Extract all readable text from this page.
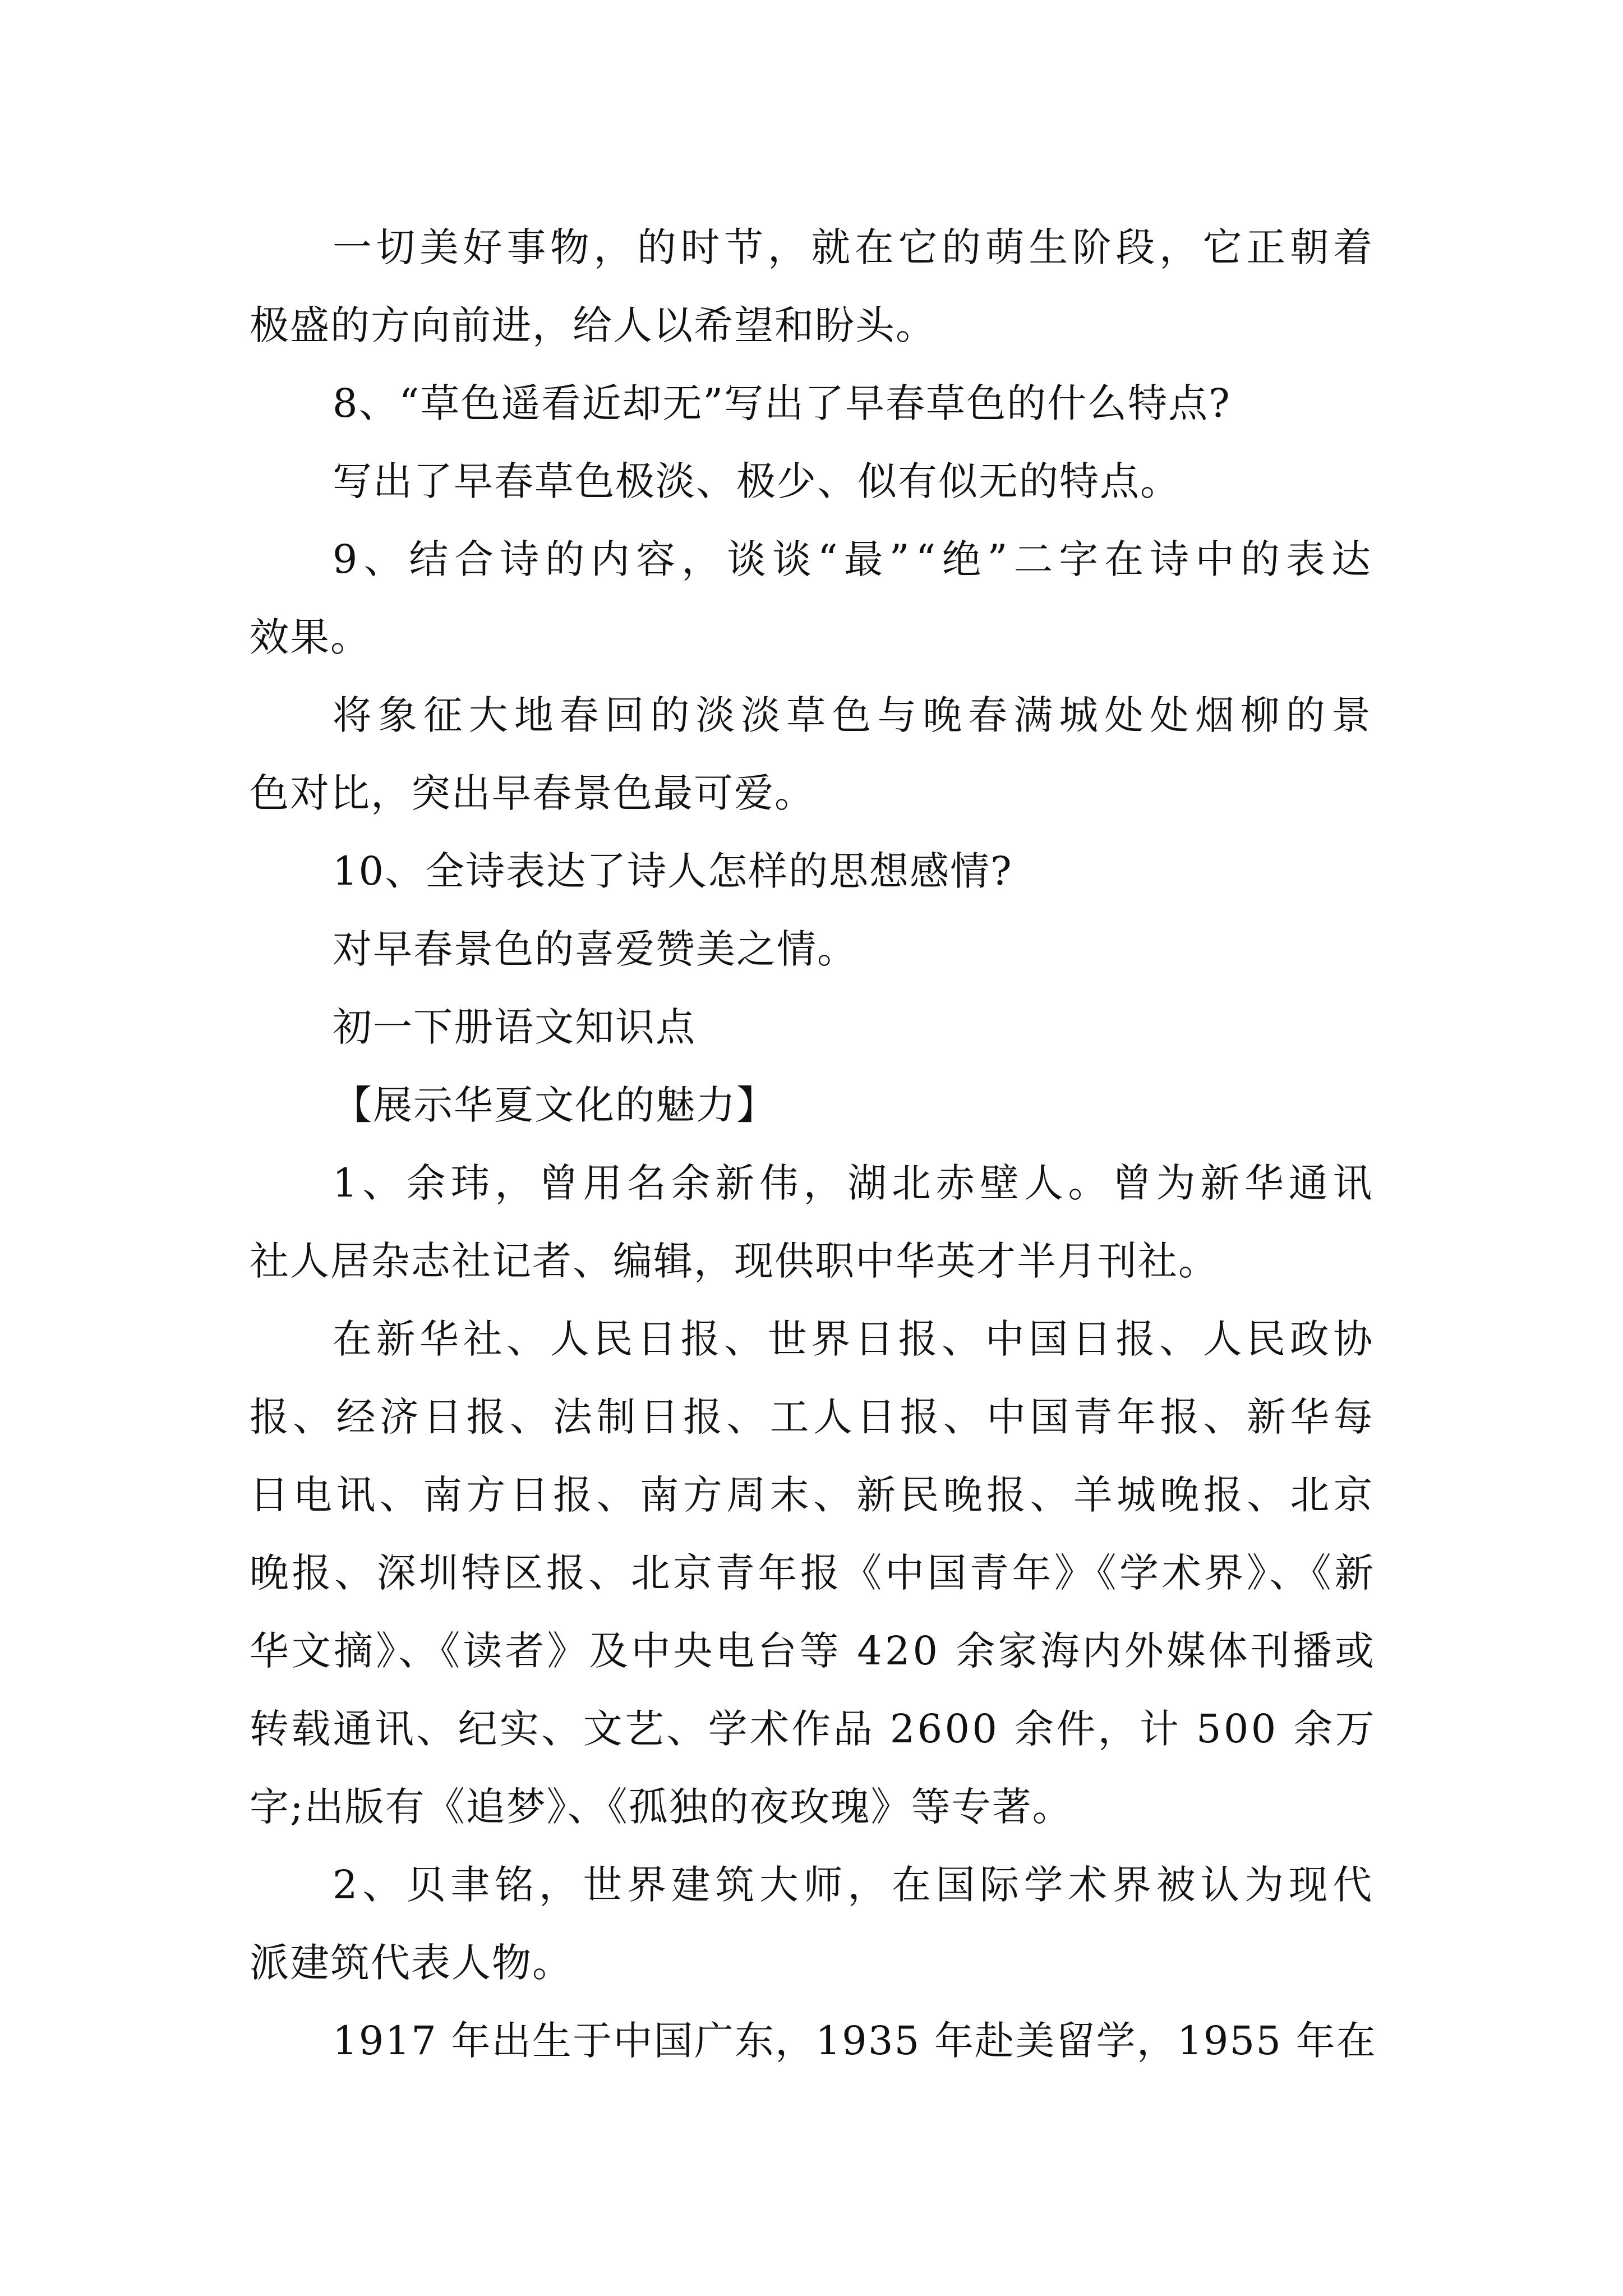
一切美好事物，的时节，就在它的萌生阶段，它正朝着
极盛的方向前进，给人以希望和盼头。
8、“草色遥看近却无”写出了早春草色的什么特点?
写出了早春草色极淡、极少、似有似无的特点。
9、结合诗的内容，谈谈“最”“绝”二字在诗中的表达
效果。
将象征大地春回的淡淡草色与晚春满城处处烟柳的景
色对比，突出早春景色最可爱。
10、全诗表达了诗人怎样的思想感情?
对早春景色的喜爱赞美之情。
初一下册语文知识点
【展示华夏文化的魅力】
1、余玮，曾用名余新伟，湖北赤壁人。曾为新华通讯
社人居杂志社记者、编辑，现供职中华英才半月刊社。
在新华社、人民日报、世界日报、中国日报、人民政协
报、经济日报、法制日报、工人日报、中国青年报、新华每
日电讯、南方日报、南方周末、新民晚报、羊城晚报、北京
晚报、深圳特区报、北京青年报《中国青年》《学术界》、《新
华文摘》、《读者》及中央电台等 420 余家海内外媒体刊播或
转载通讯、纪实、文艺、学术作品 2600 余件，计 500 余万
字;出版有《追梦》、《孤独的夜玫瑰》等专著。
2、贝聿铭，世界建筑大师，在国际学术界被认为现代
派建筑代表人物。
1917 年出生于中国广东，1935 年赴美留学，1955 年在
